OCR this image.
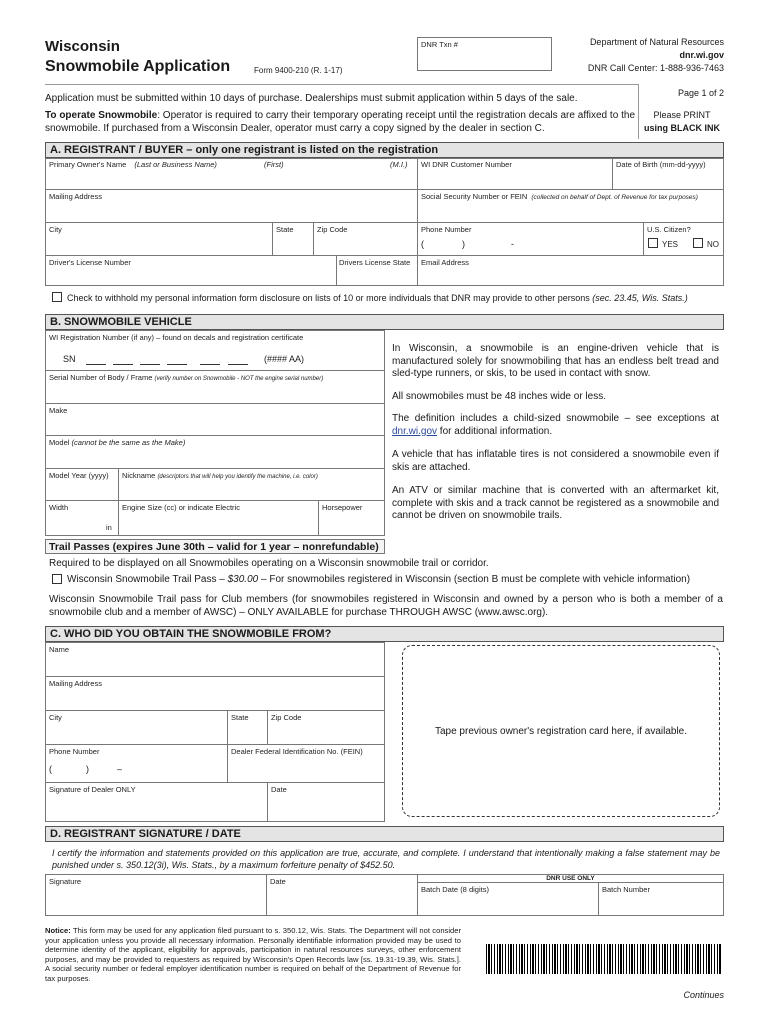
Wisconsin
Snowmobile Application	Form 9400-210 (R. 1-17)
DNR Txn #	Department of Natural Resources
dnr.wi.gov
DNR Call Center: 1-888-936-7463
Page 1 of 2
Please PRINT
using BLACK INK
Application must be submitted within 10 days of purchase. Dealerships must submit application within 5 days of the sale.
To operate Snowmobile: Operator is required to carry their temporary operating receipt until the registration decals are affixed to the snowmobile. If purchased from a Wisconsin Dealer, operator must carry a copy signed by the dealer in section C.
A. REGISTRANT / BUYER – only one registrant is listed on the registration
Primary Owner's Name (Last or Business Name)	(First)	(M.I.) WI DNR Customer Number	Date of Birth (mm-dd-yyyy)
Mailing Address	Social Security Number or FEIN (collected on behalf of Dept. of Revenue for tax purposes)
City	State	Zip Code	Phone Number
(	)	-
U.S. Citizen?
YES	NO
Driver's License Number	Drivers License State Email Address
Check to withhold my personal information form disclosure on lists of 10 or more individuals that DNR may provide to other persons (sec. 23.45, Wis. Stats.)
B. SNOWMOBILE VEHICLE
WI Registration Number (if any) – found on decals and registration certificate
SN	(#### AA)
Serial Number of Body / Frame (verify number on Snowmobile - NOT the engine serial number)
Make
Model (cannot be the same as the Make)
Model Year (yyyy) Nickname (descriptors that will help you identify the machine, i.e. color)
Width
in
Engine Size (cc) or indicate Electric	Horsepower
In Wisconsin, a snowmobile is an engine-driven vehicle that is manufactured solely for snowmobiling that has an endless belt tread and sled-type runners, or skis, to be used in contact with snow.
All snowmobiles must be 48 inches wide or less.
The definition includes a child-sized snowmobile – see exceptions at dnr.wi.gov for additional information.
A vehicle that has inflatable tires is not considered a snowmobile even if skis are attached.
An ATV or similar machine that is converted with an aftermarket kit, complete with skis and a track cannot be registered as a snowmobile and cannot be driven on snowmobile trails.
Trail Passes (expires June 30th – valid for 1 year – nonrefundable)
Required to be displayed on all Snowmobiles operating on a Wisconsin snowmobile trail or corridor.
Wisconsin Snowmobile Trail Pass – $30.00 – For snowmobiles registered in Wisconsin (section B must be complete with vehicle information)
Wisconsin Snowmobile Trail pass for Club members (for snowmobiles registered in Wisconsin and owned by a person who is both a member of a snowmobile club and a member of AWSC) – ONLY AVAILABLE for purchase THROUGH AWSC (www.awsc.org).
C. WHO DID YOU OBTAIN THE SNOWMOBILE FROM?
Name
Mailing Address
City	State	Zip Code
Phone Number
(	)	–
Dealer Federal Identification No. (FEIN)
Signature of Dealer ONLY	Date
Tape previous owner's registration card here, if available.
D. REGISTRANT SIGNATURE / DATE
I certify the information and statements provided on this application are true, accurate, and complete. I understand that intentionally making a false statement may be punished under s. 350.12(3i), Wis. Stats., by a maximum forfeiture penalty of $452.50.
Signature	Date	DNR USE ONLY
Batch Date (8 digits)	Batch Number
Notice: This form may be used for any application filed pursuant to s. 350.12, Wis. Stats. The Department will not consider your application unless you provide all necessary information. Personally identifiable information provided may be used to determine identity of the applicant, eligibility for approvals, participation in natural resources surveys, other enforcement purposes, and may be provided to requesters as required by Wisconsin's Open Records law [ss. 19.31-19.39, Wis. Stats.]. A social security number or federal employer identification number is required on behalf of the Department of Revenue for tax purposes.
Continues
